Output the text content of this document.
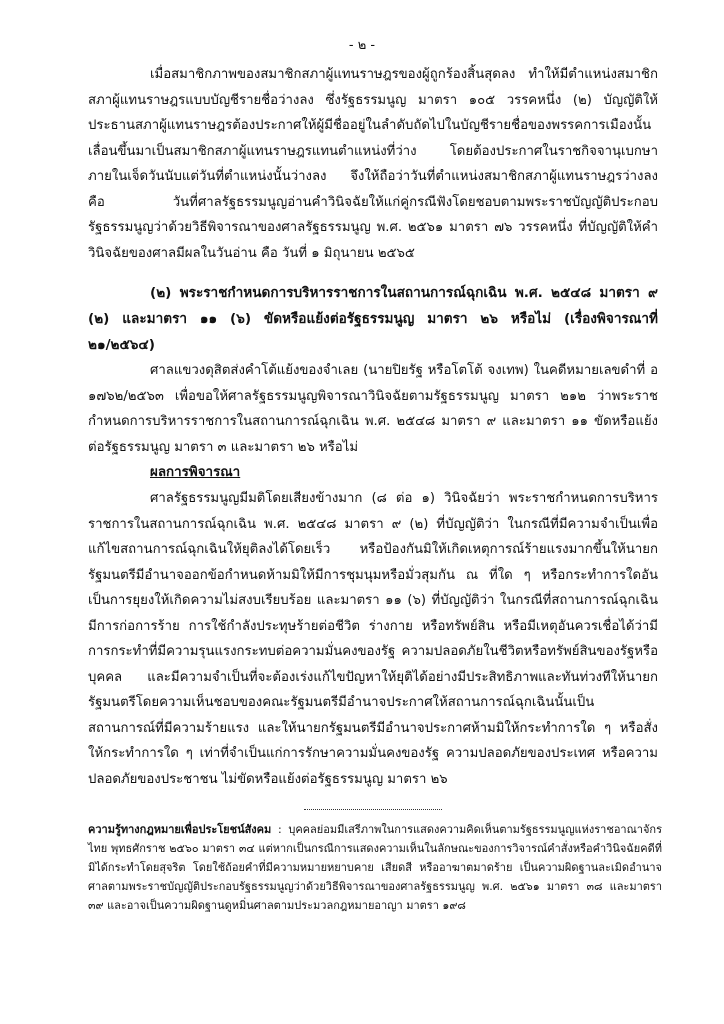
- ๒ -

เมื่อสมาชิกภาพของสมาชิกสภาผู้แทนราษฎรของผู้ถูกร้องสิ้นสุดลง ทำให้มีตำแหน่งสมาชิกสภาผู้แทนราษฎรแบบบัญชีรายชื่อว่างลง ซึ่งรัฐธรรมนูญ มาตรา ๑๐๕ วรรคหนึ่ง (๒) บัญญัติให้ประธานสภาผู้แทนราษฎรต้องประกาศให้ผู้มีชื่ออยู่ในลำดับถัดไปในบัญชีรายชื่อของพรรคการเมืองนั้นเลื่อนขึ้นมาเป็นสมาชิกสภาผู้แทนราษฎรแทนตำแหน่งที่ว่าง โดยต้องประกาศในราชกิจจานุเบกษาภายในเจ็ดวันนับแต่วันที่ตำแหน่งนั้นว่างลง จึงให้ถือว่าวันที่ตำแหน่งสมาชิกสภาผู้แทนราษฎรว่างลง คือ วันที่ศาลรัฐธรรมนูญอ่านคำวินิจฉัยให้แก่คู่กรณีฟังโดยชอบตามพระราชบัญญัติประกอบรัฐธรรมนูญว่าด้วยวิธีพิจารณาของศาลรัฐธรรมนูญ พ.ศ. ๒๕๖๑ มาตรา ๗๖ วรรคหนึ่ง ที่บัญญัติให้คำวินิจฉัยของศาลมีผลในวันอ่าน คือ วันที่ ๑ มิถุนายน ๒๕๖๕

(๒) พระราชกำหนดการบริหารราชการในสถานการณ์ฉุกเฉิน พ.ศ. ๒๕๔๘ มาตรา ๙ (๒) และมาตรา ๑๑ (๖) ขัดหรือแย้งต่อรัฐธรรมนูญ มาตรา ๒๖ หรือไม่ (เรื่องพิจารณาที่ ๒๑/๒๕๖๔)

ศาลแขวงดุสิตส่งคำโต้แย้งของจำเลย (นายปิยรัฐ หรือโตโต้ จงเทพ) ในคดีหมายเลขดำที่ อ ๑๗๖๒/๒๕๖๓ เพื่อขอให้ศาลรัฐธรรมนูญพิจารณาวินิจฉัยตามรัฐธรรมนูญ มาตรา ๒๑๒ ว่าพระราชกำหนดการบริหารราชการในสถานการณ์ฉุกเฉิน พ.ศ. ๒๕๔๘ มาตรา ๙ และมาตรา ๑๑ ขัดหรือแย้งต่อรัฐธรรมนูญ มาตรา ๓ และมาตรา ๒๖ หรือไม่

ผลการพิจารณา

ศาลรัฐธรรมนูญมีมติโดยเสียงข้างมาก (๘ ต่อ ๑) วินิจฉัยว่า พระราชกำหนดการบริหารราชการในสถานการณ์ฉุกเฉิน พ.ศ. ๒๕๔๘ มาตรา ๙ (๒) ที่บัญญัติว่า ในกรณีที่มีความจำเป็นเพื่อแก้ไขสถานการณ์ฉุกเฉินให้ยุติลงได้โดยเร็ว หรือป้องกันมิให้เกิดเหตุการณ์ร้ายแรงมากขึ้นให้นายกรัฐมนตรีมีอำนาจออกข้อกำหนดห้ามมิให้มีการชุมนุมหรือมั่วสุมกัน ณ ที่ใด ๆ หรือกระทำการใดอันเป็นการยุยงให้เกิดความไม่สงบเรียบร้อย และมาตรา ๑๑ (๖) ที่บัญญัติว่า ในกรณีที่สถานการณ์ฉุกเฉินมีการก่อการร้าย การใช้กำลังประทุษร้ายต่อชีวิต ร่างกาย หรือทรัพย์สิน หรือมีเหตุอันควรเชื่อได้ว่ามีการกระทำที่มีความรุนแรงกระทบต่อความมั่นคงของรัฐ ความปลอดภัยในชีวิตหรือทรัพย์สินของรัฐหรือบุคคล และมีความจำเป็นที่จะต้องเร่งแก้ไขปัญหาให้ยุติได้อย่างมีประสิทธิภาพและทันท่วงทีให้นายกรัฐมนตรีโดยความเห็นชอบของคณะรัฐมนตรีมีอำนาจประกาศให้สถานการณ์ฉุกเฉินนั้นเป็นสถานการณ์ที่มีความร้ายแรง และให้นายกรัฐมนตรีมีอำนาจประกาศห้ามมิให้กระทำการใด ๆ หรือสั่งให้กระทำการใด ๆ เท่าที่จำเป็นแก่การรักษาความมั่นคงของรัฐ ความปลอดภัยของประเทศ หรือความปลอดภัยของประชาชน ไม่ขัดหรือแย้งต่อรัฐธรรมนูญ มาตรา ๒๖

ความรู้ทางกฎหมายเพื่อประโยชน์สังคม : บุคคลย่อมมีเสรีภาพในการแสดงความคิดเห็นตามรัฐธรรมนูญแห่งราชอาณาจักรไทย พุทธศักราช ๒๕๖๐ มาตรา ๓๔ แต่หากเป็นกรณีการแสดงความเห็นในลักษณะของการวิจารณ์คำสั่งหรือคำวินิจฉัยคดีที่มิได้กระทำโดยสุจริต โดยใช้ถ้อยคำที่มีความหมายหยาบคาย เสียดสี หรืออาฆาตมาดร้าย เป็นความผิดฐานละเมิดอำนาจศาลตามพระราชบัญญัติประกอบรัฐธรรมนูญว่าด้วยวิธีพิจารณาของศาลรัฐธรรมนูญ พ.ศ. ๒๕๖๑ มาตรา ๓๘ และมาตรา ๓๙ และอาจเป็นความผิดฐานดูหมิ่นศาลตามประมวลกฎหมายอาญา มาตรา ๑๙๘
